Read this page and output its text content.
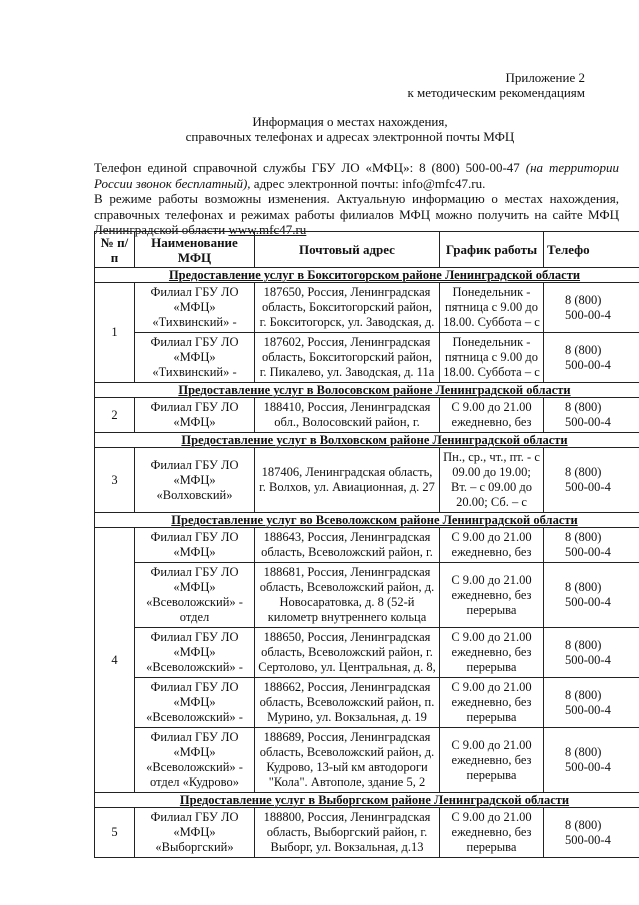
Приложение 2
к методическим рекомендациям
Информация о местах нахождения,
справочных телефонах и адресах электронной почты МФЦ
Телефон единой справочной службы ГБУ ЛО «МФЦ»: 8 (800) 500-00-47 (на территории России звонок бесплатный), адрес электронной почты: info@mfc47.ru.
В режиме работы возможны изменения. Актуальную информацию о местах нахождения, справочных телефонах и режимах работы филиалов МФЦ можно получить на сайте МФЦ Ленинградской области www.mfc47.ru
№ п/п	Наименование МФЦ	Почтовый адрес	График работы	Телефо
Предоставление услуг в Бокситогорском районе Ленинградской области				
1	Филиал ГБУ ЛО «МФЦ» «Тихвинский» -	187650, Россия, Ленинградская область, Бокситогорский район, г. Бокситогорск, ул. Заводская, д.	Понедельник - пятница с 9.00 до 18.00. Суббота – с	8 (800)
500-00-4

	Филиал ГБУ ЛО «МФЦ» «Тихвинский» -	187602, Россия, Ленинградская область, Бокситогорский район, г. Пикалево, ул. Заводская, д. 11а	Понедельник - пятница с 9.00 до 18.00. Суббота – с	8 (800)
500-00-4

Предоставление услуг в Волосовском районе Ленинградской области				
2	Филиал ГБУ ЛО «МФЦ»	188410, Россия, Ленинградская обл., Волосовский район, г.	С 9.00 до 21.00 ежедневно, без	8 (800)
500-00-4

Предоставление услуг в Волховском районе Ленинградской области				
3	Филиал ГБУ ЛО «МФЦ» «Волховский»	187406, Ленинградская область, г. Волхов, ул. Авиационная, д. 27	Пн., ср., чт., пт. - с 09.00 до 19.00; Вт. – с 09.00 до 20.00; Сб. – с	8 (800)
500-00-4

Предоставление услуг во Всеволожском районе Ленинградской области				
4	Филиал ГБУ ЛО «МФЦ»	188643, Россия, Ленинградская область, Всеволожский район, г.	С 9.00 до 21.00 ежедневно, без	8 (800)
500-00-4

	Филиал ГБУ ЛО «МФЦ» «Всеволожский» - отдел	188681, Россия, Ленинградская область, Всеволожский район, д. Новосаратовка, д. 8 (52-й километр внутреннего кольца	С 9.00 до 21.00 ежедневно, без перерыва	8 (800)
500-00-4

	Филиал ГБУ ЛО «МФЦ» «Всеволожский» -	188650, Россия, Ленинградская область, Всеволожский район, г. Сертолово, ул. Центральная, д. 8,	С 9.00 до 21.00 ежедневно, без перерыва	8 (800)
500-00-4

	Филиал ГБУ ЛО «МФЦ» «Всеволожский» -	188662, Россия, Ленинградская область, Всеволожский район, п. Мурино, ул. Вокзальная, д. 19	С 9.00 до 21.00 ежедневно, без перерыва	8 (800)
500-00-4

	Филиал ГБУ ЛО «МФЦ» «Всеволожский» - отдел «Кудрово»	188689, Россия, Ленинградская область, Всеволожский район, д. Кудрово, 13-ый км автодороги "Кола". Автополе, здание 5, 2	С 9.00 до 21.00 ежедневно, без перерыва	8 (800)
500-00-4

Предоставление услуг в Выборгском районе Ленинградской области				
5	Филиал ГБУ ЛО «МФЦ» «Выборгский»	188800, Россия, Ленинградская область, Выборгский район, г. Выборг, ул. Вокзальная, д.13	С 9.00 до 21.00 ежедневно, без перерыва	8 (800)
500-00-4
